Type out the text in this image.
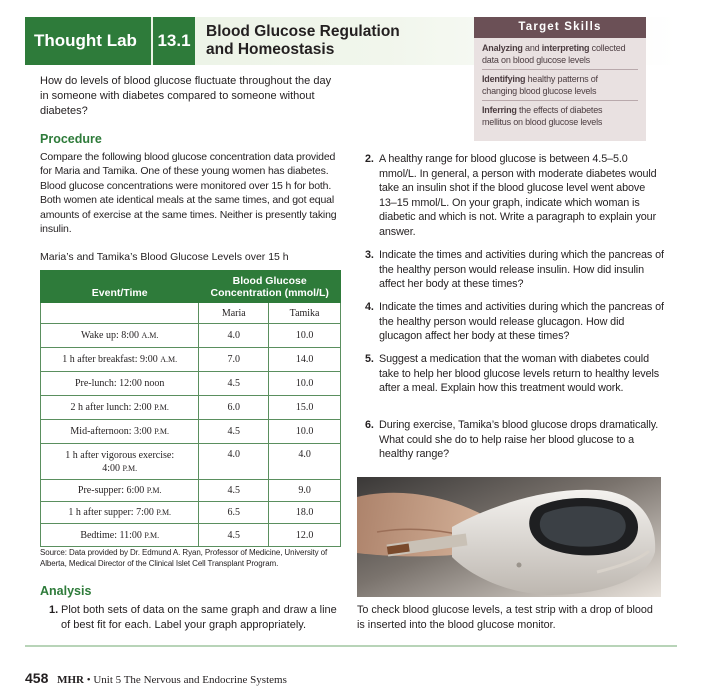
Thought Lab	13.1 Blood Glucose Regulation
and Homeostasis
Target Skills
Analyzing and interpreting collected
data on blood glucose levels
Identifying healthy patterns of
changing blood glucose levels
Inferring the effects of diabetes
mellitus on blood glucose levels
How do levels of blood glucose fluctuate throughout the day in someone with diabetes compared to someone without diabetes?
Procedure
Compare the following blood glucose concentration data provided for Maria and Tamika. One of these young women has diabetes. Blood glucose concentrations were monitored over 15 h for both. Both women ate identical meals at the same times, and got equal amounts of exercise at the same times. Neither is presently taking insulin.
Maria’s and Tamika’s Blood Glucose Levels over 15 h
Event/Time	Blood Glucose
Concentration (mmol/L)	
	Maria	Tamika
Wake up: 8:00 A.M.	4.0	10.0
1 h after breakfast: 9:00 A.M.	7.0	14.0
Pre-lunch: 12:00 noon	4.5	10.0
2 h after lunch: 2:00 P.M.	6.0	15.0
Mid-afternoon: 3:00 P.M.	4.5	10.0
1 h after vigorous exercise:
4:00 P.M.	4.0	4.0
Pre-supper: 6:00 P.M.	4.5	9.0
1 h after supper: 7:00 P.M.	6.5	18.0
Bedtime: 11:00 P.M.	4.5	12.0
Source: Data provided by Dr. Edmund A. Ryan, Professor of Medicine, University of Alberta, Medical Director of the Clinical Islet Cell Transplant Program.
Analysis
1. Plot both sets of data on the same graph and draw a line of best fit for each. Label your graph appropriately.
2. A healthy range for blood glucose is between 4.5–5.0 mmol/L. In general, a person with moderate diabetes would take an insulin shot if the blood glucose level went above 13–15 mmol/L. On your graph, indicate which woman is diabetic and which is not. Write a paragraph to explain your answer.
3. Indicate the times and activities during which the pancreas of the healthy person would release insulin. How did insulin affect her body at these times?
4. Indicate the times and activities during which the pancreas of the healthy person would release glucagon. How did glucagon affect her body at these times?
5. Suggest a medication that the woman with diabetes could take to help her blood glucose levels return to healthy levels after a meal. Explain how this treatment would work.
6. During exercise, Tamika’s blood glucose drops dramatically. What could she do to help raise her blood glucose to a healthy range?
To check blood glucose levels, a test strip with a drop of blood is inserted into the blood glucose monitor.
458 MHR • Unit 5 The Nervous and Endocrine Systems
